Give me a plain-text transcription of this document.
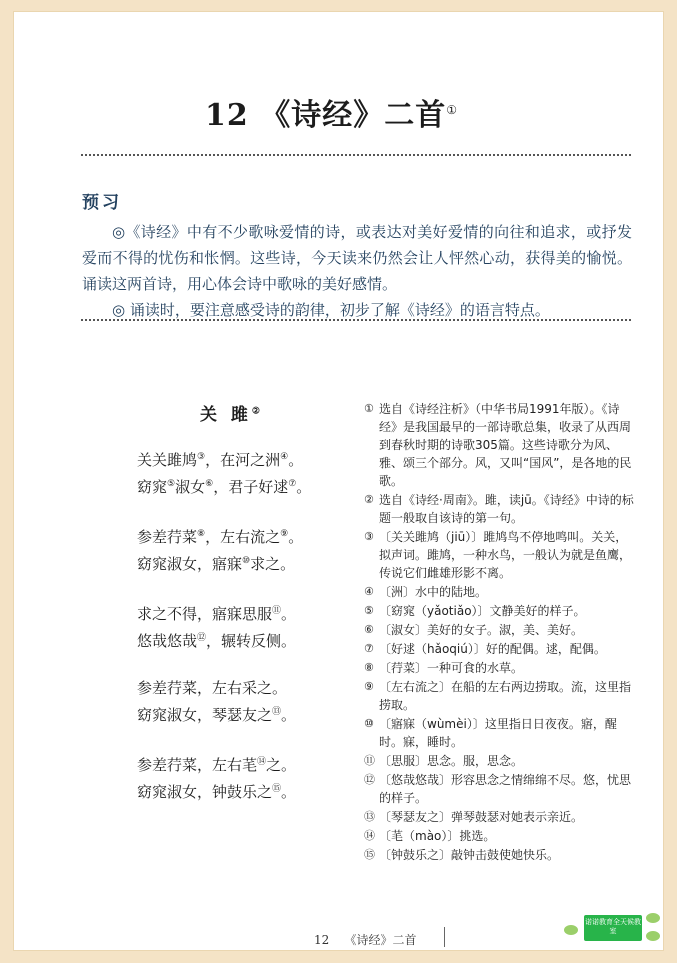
12 《诗经》二首①
预习

◎《诗经》中有不少歌咏爱情的诗，或表达对美好爱情的向往和追求，或抒发爱而不得的忧伤和怅惘。这些诗，今天读来仍然会让人怦然心动，获得美的愉悦。诵读这两首诗，用心体会诗中歌咏的美好感情。

◎ 诵读时，要注意感受诗的韵律，初步了解《诗经》的语言特点。

关 雎②
关关雎鸠③，在河之洲④。
窈窕⑤淑女⑥，君子好逑⑦。
参差荇菜⑧，左右流之⑨。
窈窕淑女，寤寐⑩求之。
求之不得，寤寐思服⑪。
悠哉悠哉⑫，辗转反侧。
参差荇菜，左右采之。
窈窕淑女，琴瑟友之⑬。
参差荇菜，左右芼⑭之。
窈窕淑女，钟鼓乐之⑮。
① 选自《诗经注析》（中华书局1991年版）。《诗经》是我国最早的一部诗歌总集，收录了从西周到春秋时期的诗歌305篇。这些诗歌分为风、雅、颂三个部分。风，又叫“国风”，是各地的民歌。
② 选自《诗经·周南》。雎，读jū。《诗经》中诗的标题一般取自该诗的第一句。
③ 〔关关雎鸠（jiū）〕雎鸠鸟不停地鸣叫。关关，拟声词。雎鸠，一种水鸟，一般认为就是鱼鹰，传说它们雌雄形影不离。
④ 〔洲〕水中的陆地。
⑤ 〔窈窕（yǎotiǎo）〕文静美好的样子。
⑥ 〔淑女〕美好的女子。淑，美、美好。
⑦ 〔好逑（hǎoqiú）〕好的配偶。逑，配偶。
⑧ 〔荇菜〕一种可食的水草。
⑨ 〔左右流之〕在船的左右两边捞取。流，这里指捞取。
⑩ 〔寤寐（wùmèi）〕这里指日日夜夜。寤，醒时。寐，睡时。
⑪ 〔思服〕思念。服，思念。
⑫ 〔悠哉悠哉〕形容思念之情绵绵不尽。悠，忧思的样子。
⑬ 〔琴瑟友之〕弹琴鼓瑟对她表示亲近。
⑭ 〔芼（mào）〕挑选。
⑮ 〔钟鼓乐之〕敲钟击鼓使她快乐。
12 《诗经》二首
诺诺教育全天候教室
